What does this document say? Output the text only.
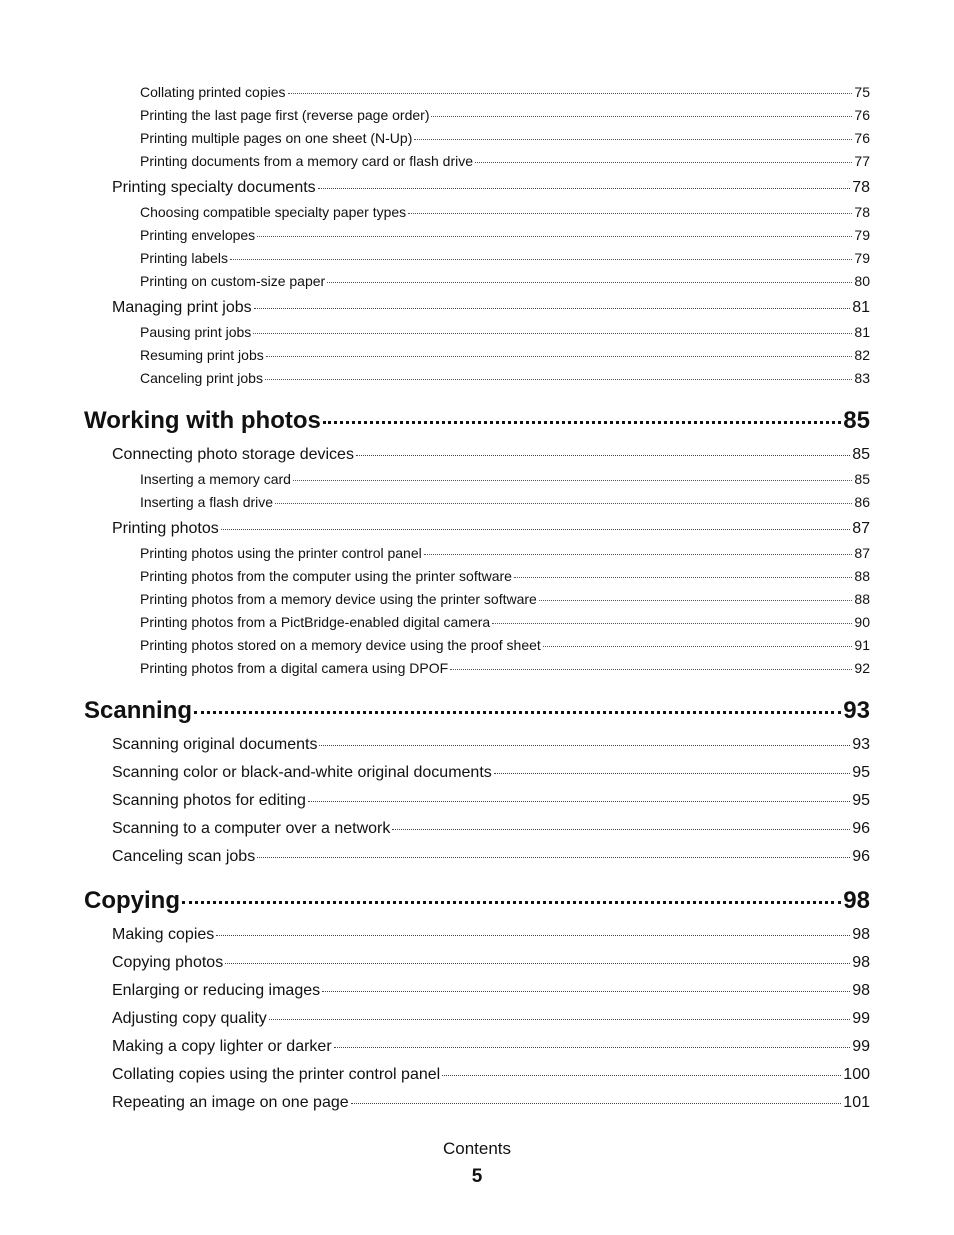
Collating printed copies	75
Printing the last page first (reverse page order)	76
Printing multiple pages on one sheet (N-Up)	76
Printing documents from a memory card or flash drive	77
Printing specialty documents	78
Choosing compatible specialty paper types	78
Printing envelopes	79
Printing labels	79
Printing on custom-size paper	80
Managing print jobs	81
Pausing print jobs	81
Resuming print jobs	82
Canceling print jobs	83
Working with photos	85
Connecting photo storage devices	85
Inserting a memory card	85
Inserting a flash drive	86
Printing photos	87
Printing photos using the printer control panel	87
Printing photos from the computer using the printer software	88
Printing photos from a memory device using the printer software	88
Printing photos from a PictBridge-enabled digital camera	90
Printing photos stored on a memory device using the proof sheet	91
Printing photos from a digital camera using DPOF	92
Scanning	93
Scanning original documents	93
Scanning color or black-and-white original documents	95
Scanning photos for editing	95
Scanning to a computer over a network	96
Canceling scan jobs	96
Copying	98
Making copies	98
Copying photos	98
Enlarging or reducing images	98
Adjusting copy quality	99
Making a copy lighter or darker	99
Collating copies using the printer control panel	100
Repeating an image on one page	101
Contents
5
